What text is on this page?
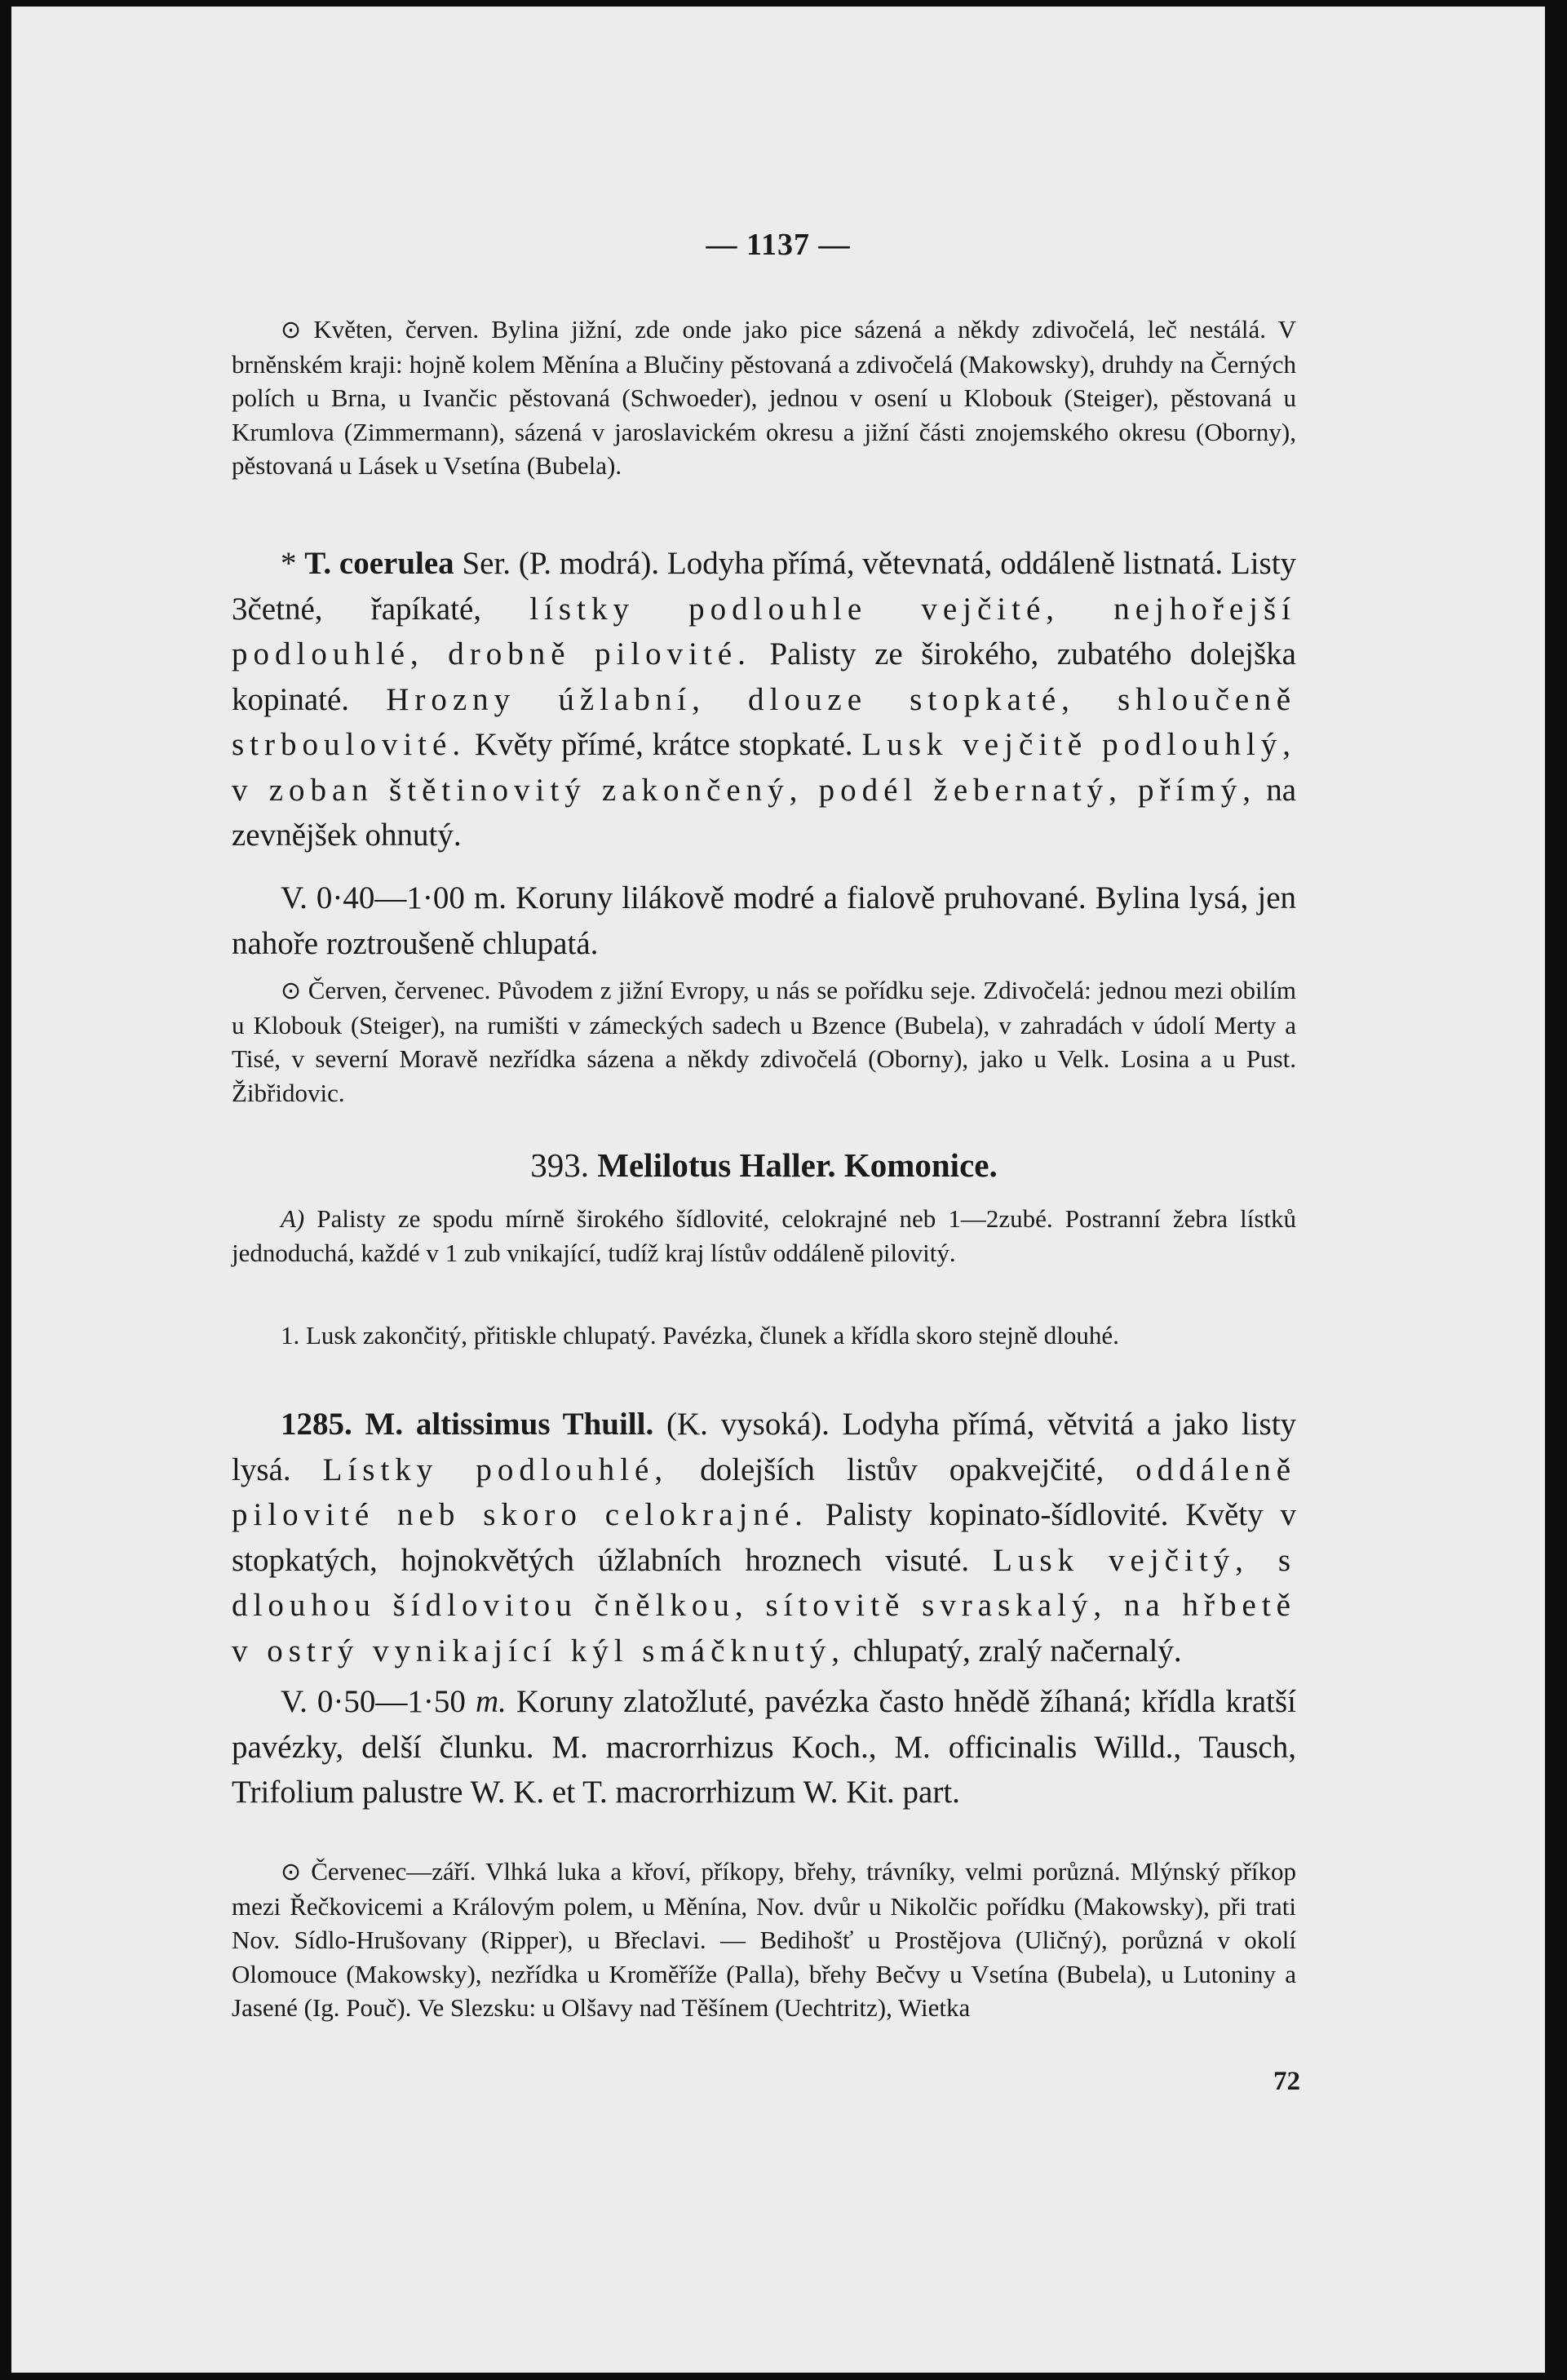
— 1137 —
⊙ Květen, červen. Bylina jižní, zde onde jako pice sázená a někdy zdivočelá, leč nestálá. V brněnském kraji: hojně kolem Měnína a Blučiny pěstovaná a zdivočelá (Makowsky), druhdy na Černých polích u Brna, u Ivančic pěstovaná (Schwoeder), jednou v osení u Klobouk (Steiger), pěstovaná u Krumlova (Zimmermann), sázená v jaroslavickém okresu a jižní části znojemského okresu (Oborny), pěstovaná u Lásek u Vsetína (Bubela).
* T. coerulea Ser. (P. modrá). Lodyha přímá, větevnatá, oddáleně listnatá. Listy 3četné, řapíkaté, lístky podlouhle vejčité, nejhořejší podlouhlé, drobně pilovité. Palisty ze širokého, zubatého dolejška kopinaté. Hrozny úžlabní, dlouze stopkaté, shloučeně strboulovité. Květy přímé, krátce stopkaté. Lusk vejčitě podlouhlý, v zoban štětinovitý zakončený, podél žebernatý, přímý, na zevnějšek ohnutý.
V. 0·40—1·00 m. Koruny lilákově modré a fialově pruhované. Bylina lysá, jen nahoře roztroušeně chlupatá.
⊙ Červen, červenec. Původem z jižní Evropy, u nás se pořídku seje. Zdivočelá: jednou mezi obilím u Klobouk (Steiger), na rumišti v zámeckých sadech u Bzence (Bubela), v zahradách v údolí Merty a Tisé, v severní Moravě nezřídka sázena a někdy zdivočelá (Oborny), jako u Velk. Losina a u Pust. Žibřidovic.
393. Melilotus Haller. Komonice.
A) Palisty ze spodu mírně širokého šídlovité, celokrajné neb 1—2zubé. Postranní žebra lístků jednoduchá, každé v 1 zub vnikající, tudíž kraj lístův oddáleně pilovitý.
1. Lusk zakončitý, přitiskle chlupatý. Pavézka, člunek a křídla skoro stejně dlouhé.
1285. M. altissimus Thuill. (K. vysoká). Lodyha přímá, větvitá a jako listy lysá. Lístky podlouhlé, dolejších listův opakvejčité, oddáleně pilovité neb skoro celokrajné. Palisty kopinato-šídlovité. Květy v stopkatých, hojnokvětých úžlabních hroznech visuté. Lusk vejčitý, s dlouhou šídlovitou čnělkou, sítovitě svraskalý, na hřbetě v ostrý vynikající kýl smáčknutý, chlupatý, zralý načernalý.
V. 0·50—1·50 m. Koruny zlatožluté, pavézka často hnědě žíhaná; křídla kratší pavézky, delší člunku. M. macrorrhizus Koch., M. officinalis Willd., Tausch, Trifolium palustre W. K. et T. macrorrhizum W. Kit. part.
⊙ Červenec—září. Vlhká luka a křoví, příkopy, břehy, trávníky, velmi porůzná. Mlýnský příkop mezi Řečkovicemi a Královým polem, u Měnína, Nov. dvůr u Nikolčic pořídku (Makowsky), při trati Nov. Sídlo-Hrušovany (Ripper), u Břeclavi. — Bedihošť u Prostějova (Uličný), porůzná v okolí Olomouce (Makowsky), nezřídka u Kroměříže (Palla), břehy Bečvy u Vsetína (Bubela), u Lutoniny a Jasené (Ig. Pouč). Ve Slezsku: u Olšavy nad Těšínem (Uechtritz), Wietka
72
